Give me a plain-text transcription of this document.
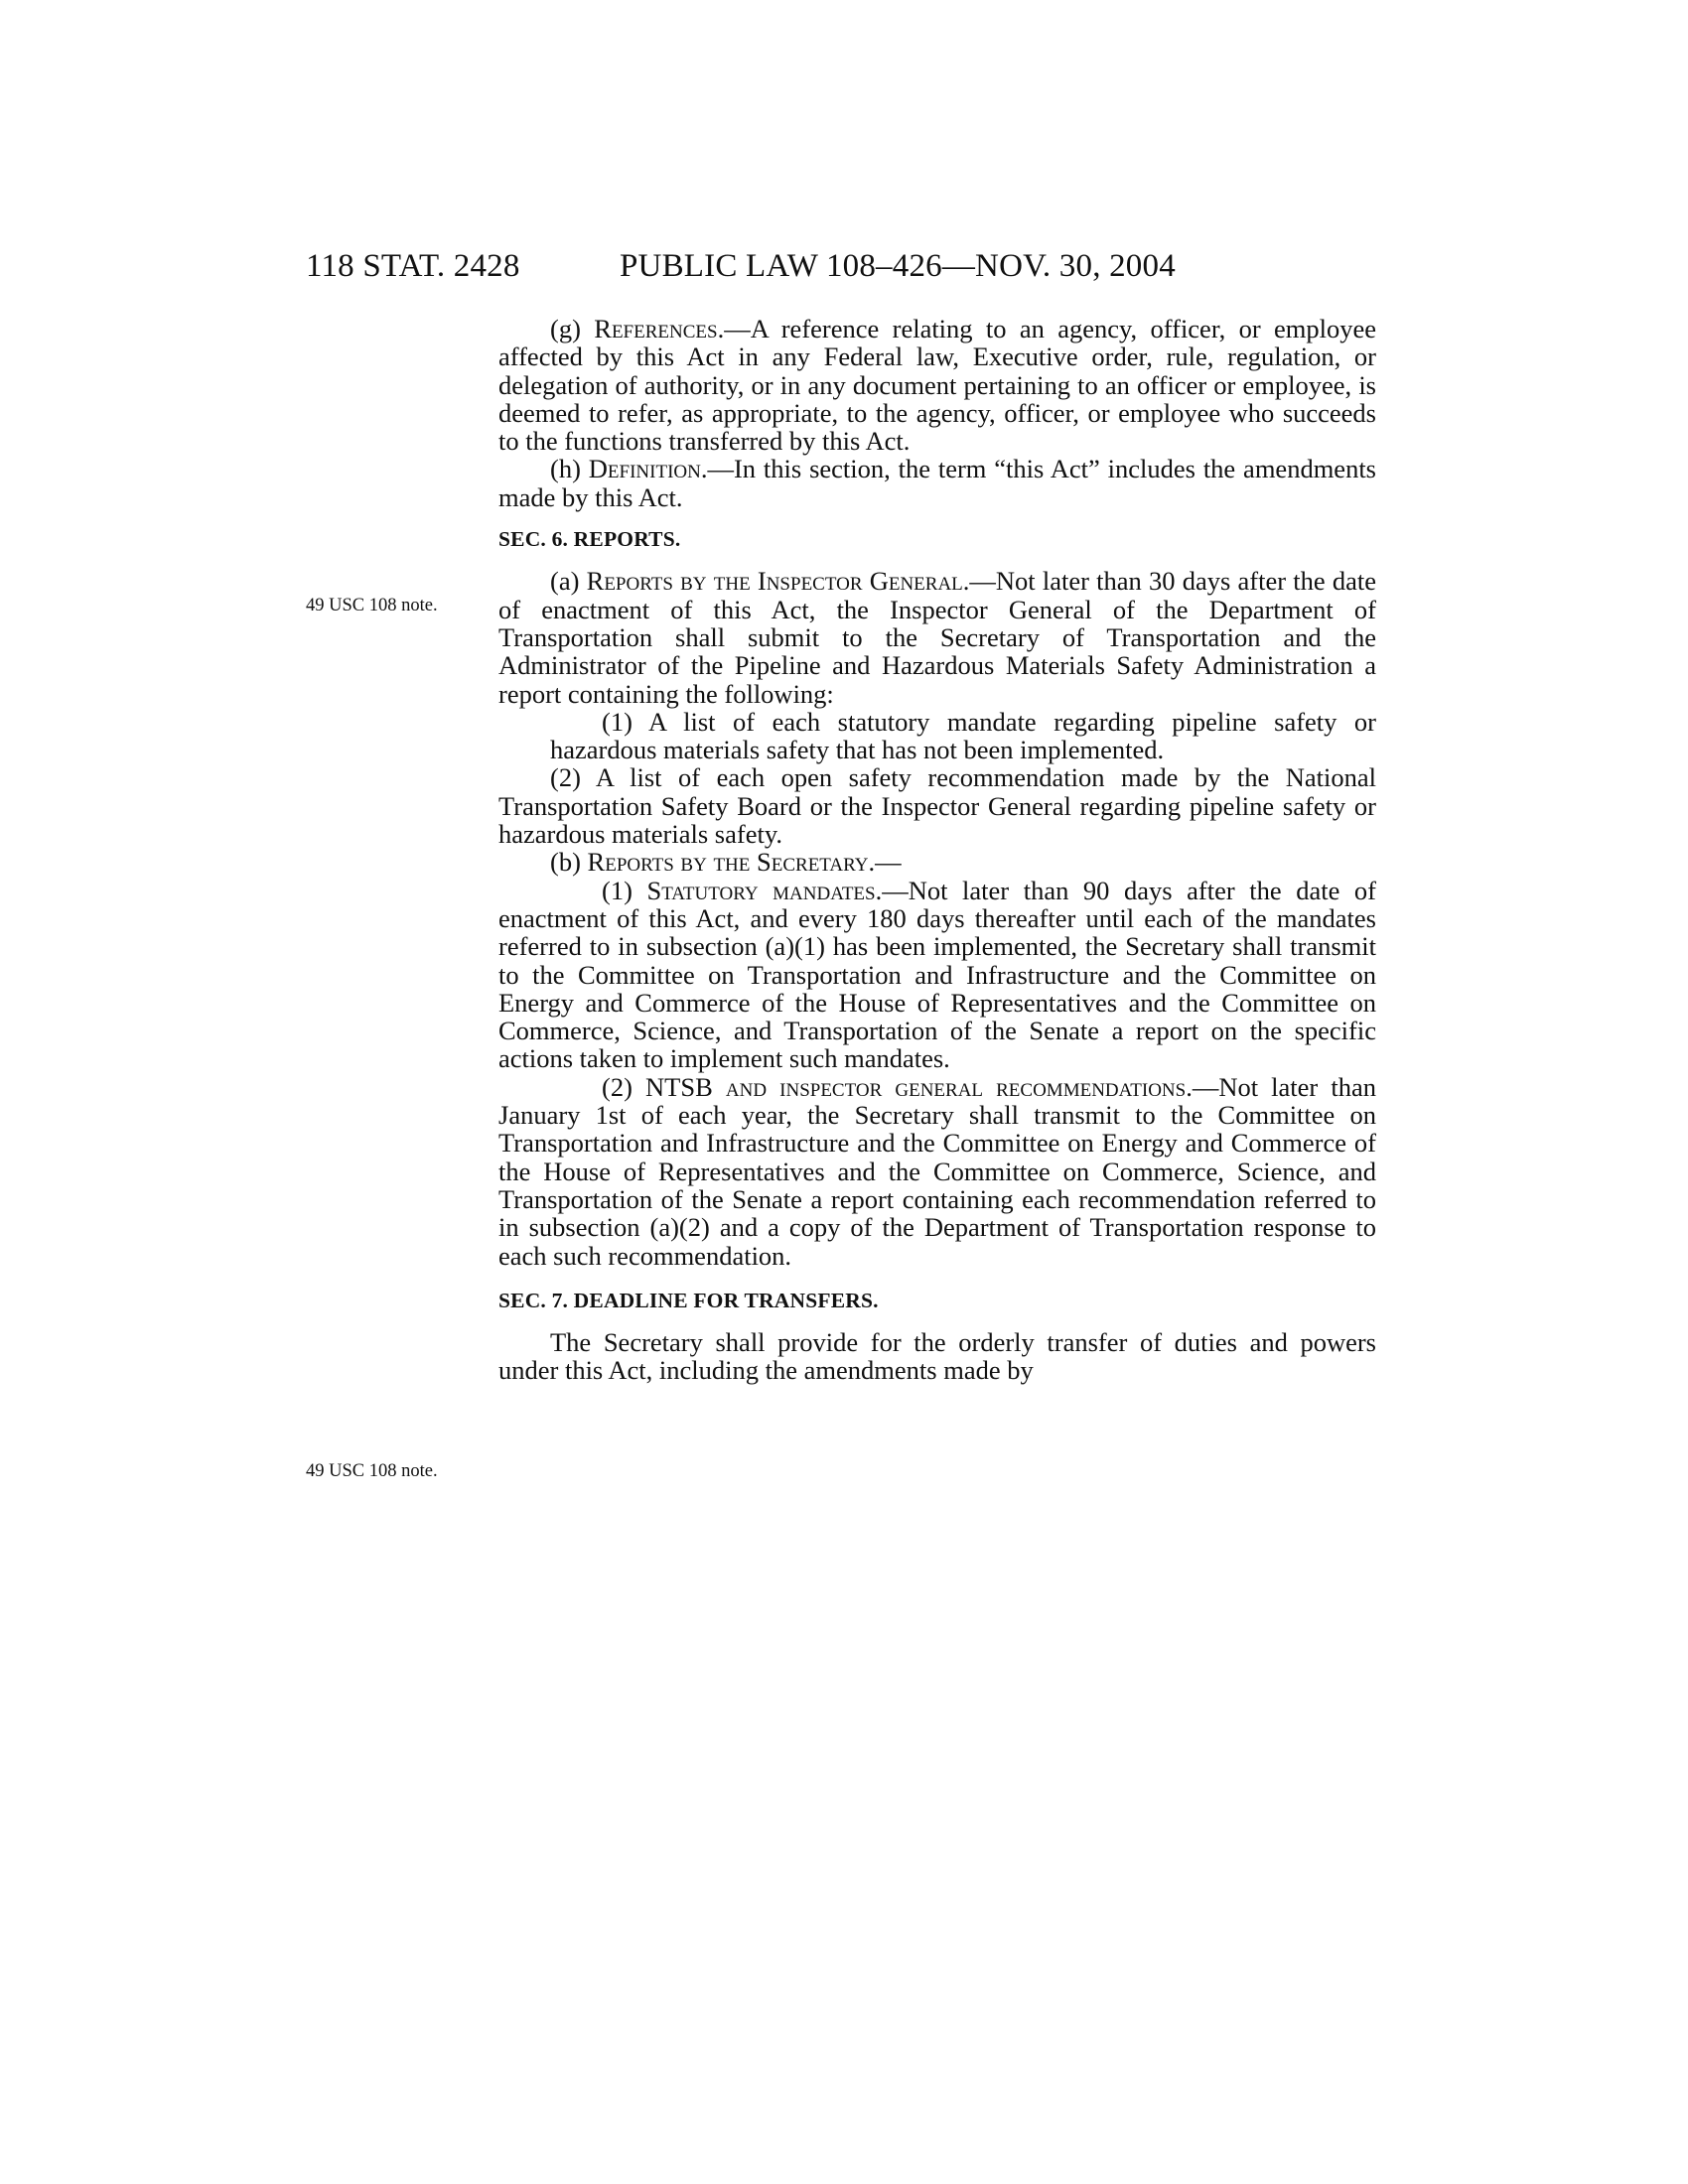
118 STAT. 2428	PUBLIC LAW 108–426—NOV. 30, 2004
49 USC 108 note.
49 USC 108 note.

(g) References.—A reference relating to an agency, officer, or employee affected by this Act in any Federal law, Executive order, rule, regulation, or delegation of authority, or in any document pertaining to an officer or employee, is deemed to refer, as appropriate, to the agency, officer, or employee who succeeds to the functions transferred by this Act.

(h) Definition.—In this section, the term “this Act” includes the amendments made by this Act.

SEC. 6. REPORTS.

(a) Reports by the Inspector General.—Not later than 30 days after the date of enactment of this Act, the Inspector General of the Department of Transportation shall submit to the Secretary of Transportation and the Administrator of the Pipeline and Hazardous Materials Safety Administration a report containing the following:

(1) A list of each statutory mandate regarding pipeline safety or hazardous materials safety that has not been implemented.

(2) A list of each open safety recommendation made by the National Transportation Safety Board or the Inspector General regarding pipeline safety or hazardous materials safety.

(b) Reports by the Secretary.—

(1) Statutory mandates.—Not later than 90 days after the date of enactment of this Act, and every 180 days thereafter until each of the mandates referred to in subsection (a)(1) has been implemented, the Secretary shall transmit to the Committee on Transportation and Infrastructure and the Committee on Energy and Commerce of the House of Representatives and the Committee on Commerce, Science, and Transportation of the Senate a report on the specific actions taken to implement such mandates.

(2) NTSB and inspector general recommendations.—Not later than January 1st of each year, the Secretary shall transmit to the Committee on Transportation and Infrastructure and the Committee on Energy and Commerce of the House of Representatives and the Committee on Commerce, Science, and Transportation of the Senate a report containing each recommendation referred to in subsection (a)(2) and a copy of the Department of Transportation response to each such recommendation.

SEC. 7. DEADLINE FOR TRANSFERS.

The Secretary shall provide for the orderly transfer of duties and powers under this Act, including the amendments made by
